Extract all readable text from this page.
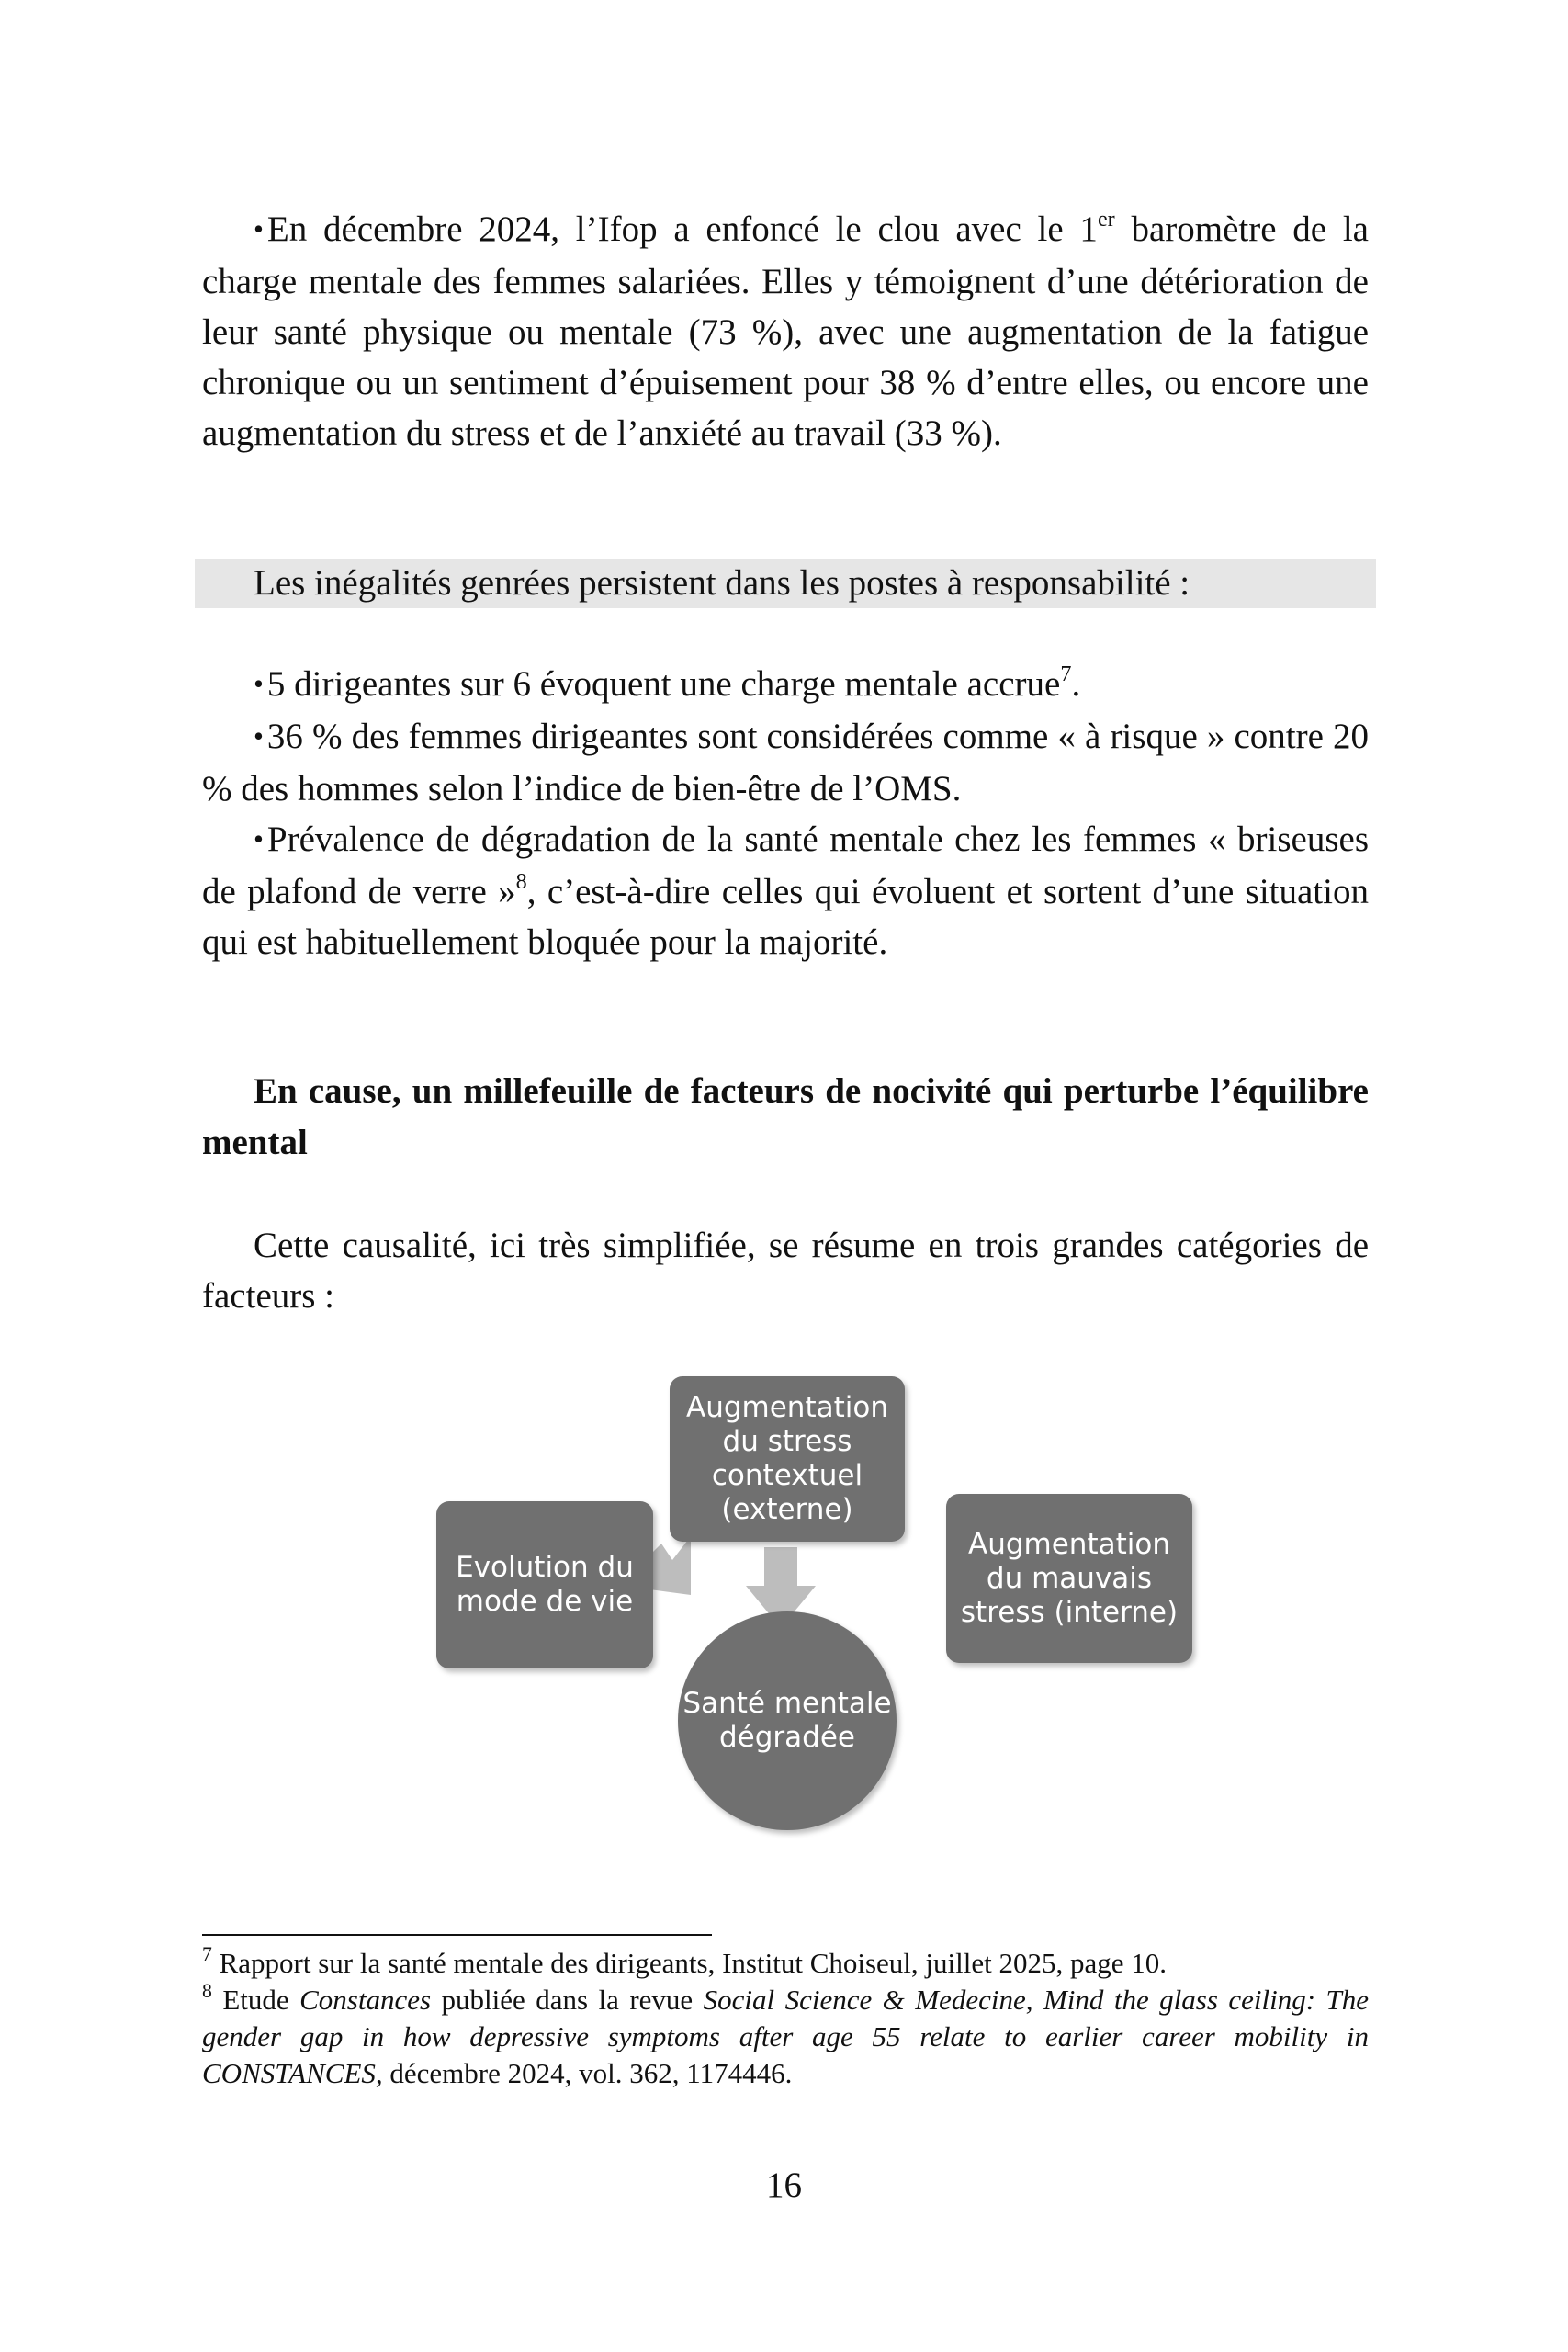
• En décembre 2024, l’Ifop a enfoncé le clou avec le 1er baromètre de la charge mentale des femmes salariées. Elles y témoignent d’une détérioration de leur santé physique ou mentale (73 %), avec une augmentation de la fatigue chronique ou un sentiment d’épuisement pour 38 % d’entre elles, ou encore une augmentation du stress et de l’anxiété au travail (33 %).

Les inégalités genrées persistent dans les postes à responsabilité :

• 5 dirigeantes sur 6 évoquent une charge mentale accrue$^7$.

• 36 % des femmes dirigeantes sont considérées comme « à risque » contre 20 % des hommes selon l’indice de bien-être de l’OMS.

• Prévalence de dégradation de la santé mentale chez les femmes « briseuses de plafond de verre »$^8$, c’est-à-dire celles qui évoluent et sortent d’une situation qui est habituellement bloquée pour la majorité.

En cause, un millefeuille de facteurs de nocivité qui perturbe l’équilibre mental

Cette causalité, ici très simplifiée, se résume en trois grandes catégories de facteurs :

Augmentation
du stress
contextuel
(externe)
Evolution du
mode de vie
Augmentation
du mauvais
stress (interne)
Santé mentale dégradée

$^7$ Rapport sur la santé mentale des dirigeants, Institut Choiseul, juillet 2025, page 10.

$^8$ Etude Constances publiée dans la revue Social Science & Medecine, Mind the glass ceiling: The gender gap in how depressive symptoms after age 55 relate to earlier career mobility in CONSTANCES, décembre 2024, vol. 362, 1174446.

16
